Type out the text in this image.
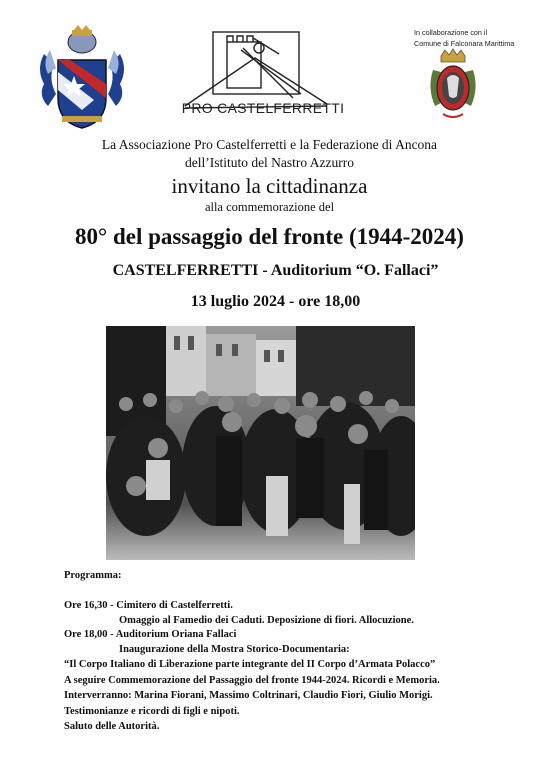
PRO CASTELFERRETTI
In collaborazione con il
Comune di Falconara Marittima
La Associazione Pro Castelferretti e la Federazione di Ancona
dell’Istituto del Nastro Azzurro
invitano la cittadinanza
alla commemorazione del
80° del passaggio del fronte (1944-2024)
CASTELFERRETTI - Auditorium “O. Fallaci”
13 luglio 2024 - ore 18,00
Programma:
Ore 16,30 - Cimitero di Castelferretti.
Omaggio al Famedio dei Caduti. Deposizione di fiori. Allocuzione.
Ore 18,00 - Auditorium Oriana Fallaci
Inaugurazione della Mostra Storico-Documentaria:
“Il Corpo Italiano di Liberazione parte integrante del II Corpo d’Armata Polacco”
A seguire Commemorazione del Passaggio del fronte 1944-2024. Ricordi e Memoria.
Interverranno: Marina Fiorani, Massimo Coltrinari, Claudio Fiori, Giulio Morigi.
Testimonianze e ricordi di figli e nipoti.
Saluto delle Autorità.
